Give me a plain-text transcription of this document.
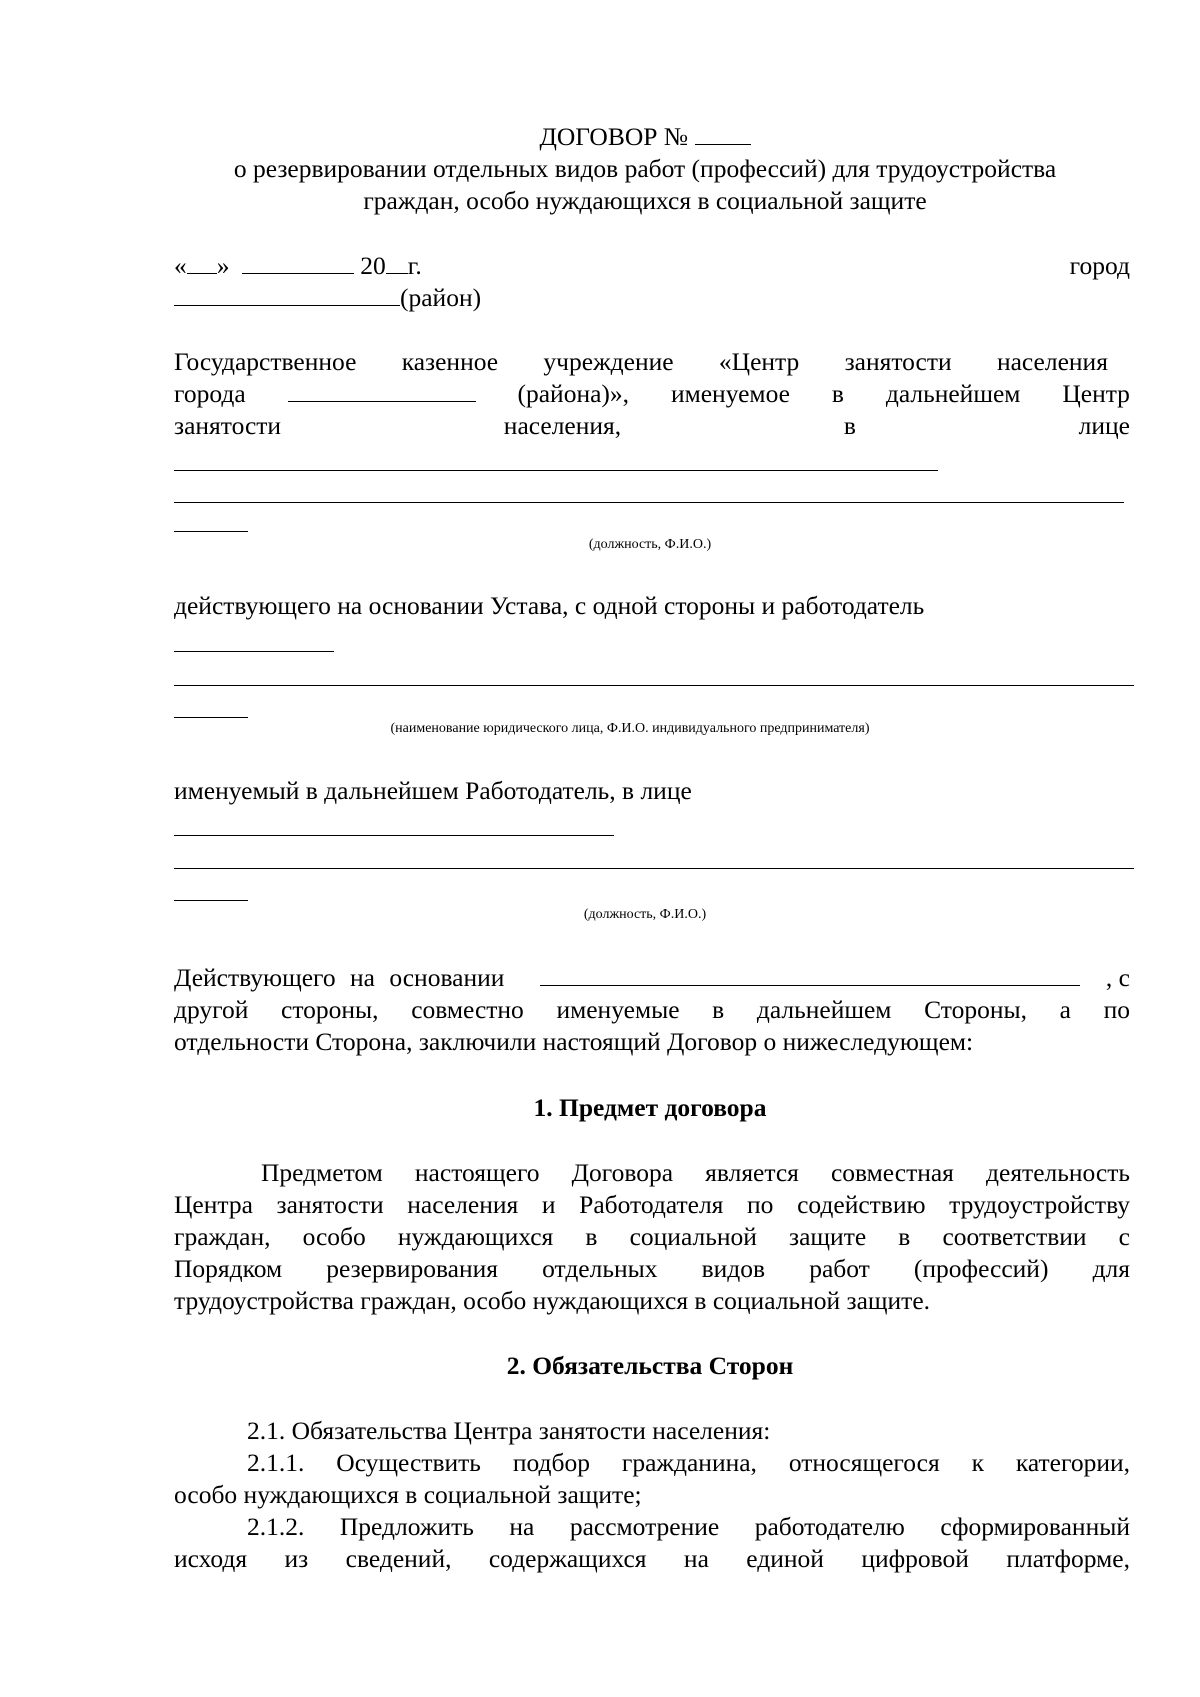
ДОГОВОР №
о резервировании отдельных видов работ (профессий) для трудоустройства
граждан, особо нуждающихся в социальной защите
« »	20 г.	город
(район)
Государственное казенное учреждение «Центр занятости населения
города	(района)», именуемое в дальнейшем Центр
занятости	населения,	в	лице
(должность, Ф.И.О.)
действующего на основании Устава, с одной стороны и работодатель
(наименование юридического лица, Ф.И.О. индивидуального предпринимателя)
именуемый в дальнейшем Работодатель, в лице
(должность, Ф.И.О.)
Действующего на основании	, с
другой стороны, совместно именуемые в дальнейшем Стороны, а по
отдельности Сторона, заключили настоящий Договор о нижеследующем:
1. Предмет договора
Предметом настоящего Договора является совместная деятельность
Центра занятости населения и Работодателя по содействию трудоустройству
граждан, особо нуждающихся в социальной защите в соответствии с
Порядком резервирования отдельных видов работ (профессий) для
трудоустройства граждан, особо нуждающихся в социальной защите.
2. Обязательства Сторон
2.1. Обязательства Центра занятости населения:
2.1.1. Осуществить подбор гражданина, относящегося к категории,
особо нуждающихся в социальной защите;
2.1.2. Предложить на рассмотрение работодателю сформированный
исходя из сведений, содержащихся на единой цифровой платформе,
